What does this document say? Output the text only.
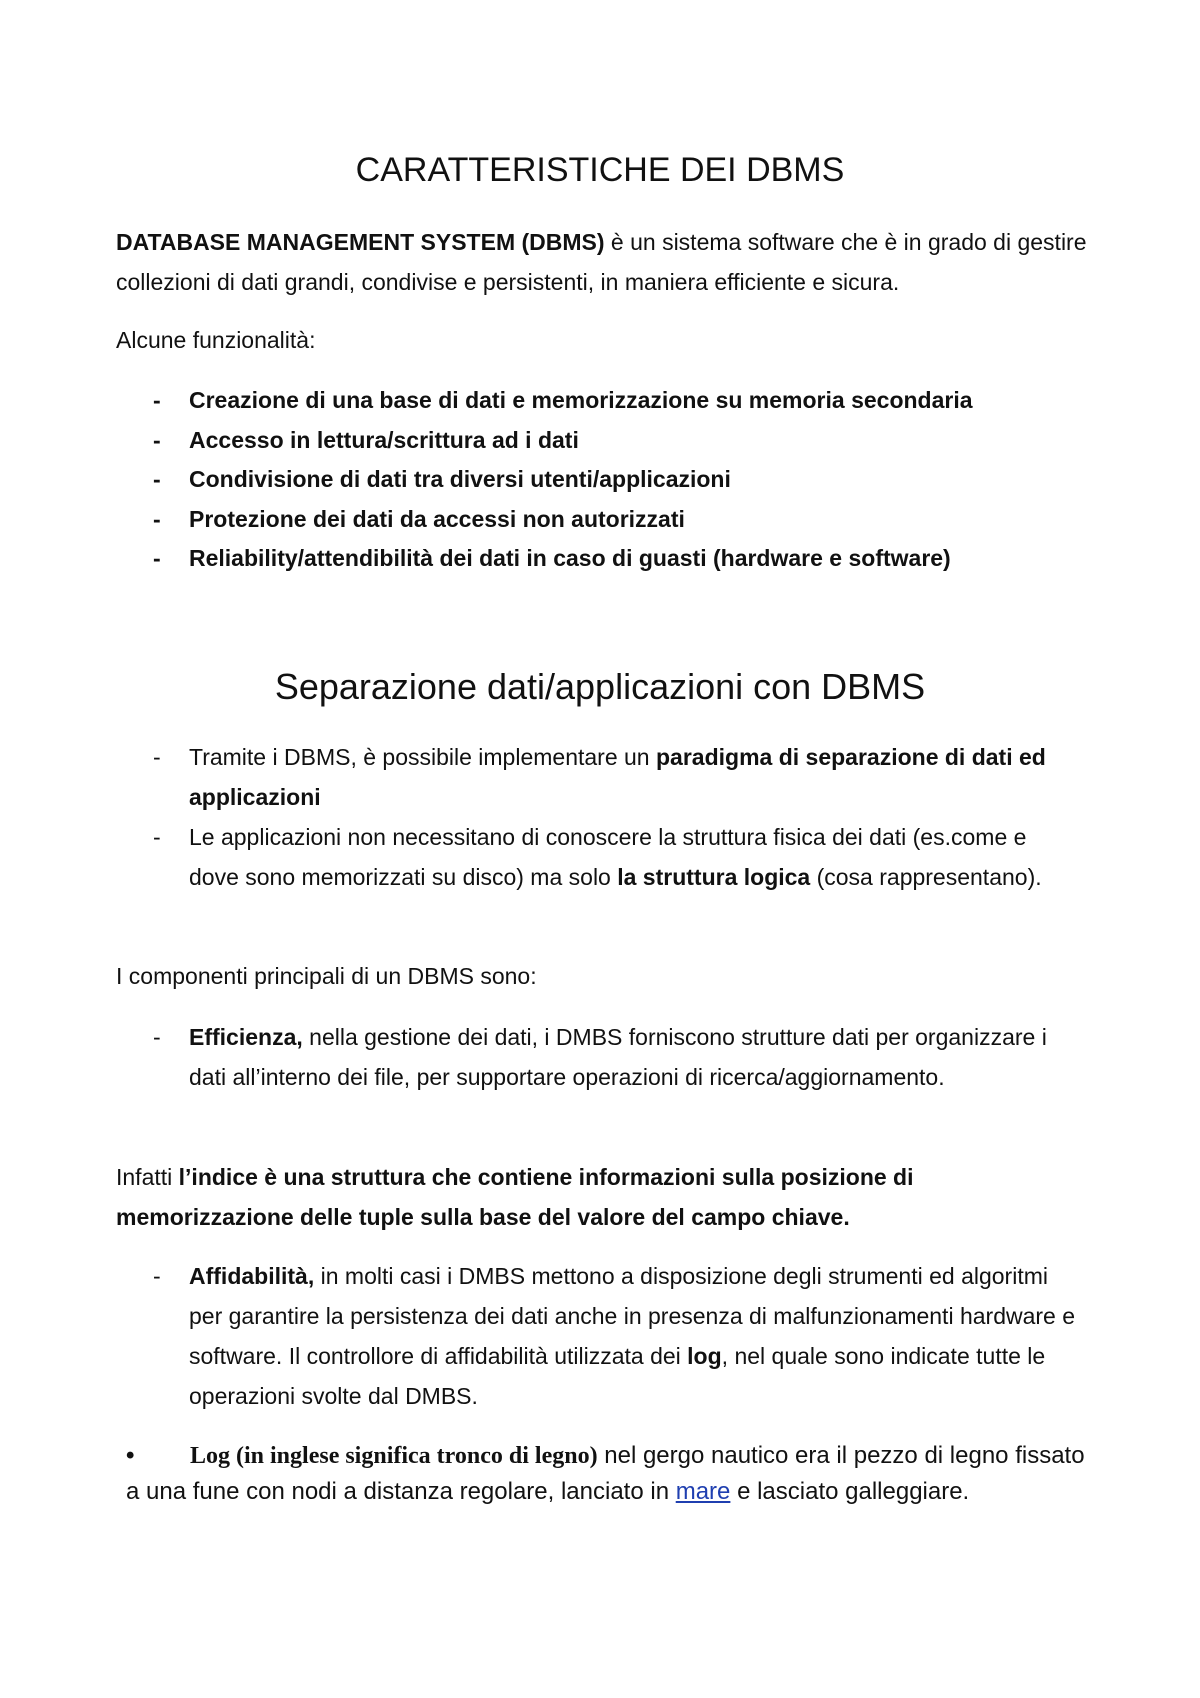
CARATTERISTICHE DEI DBMS

DATABASE MANAGEMENT SYSTEM (DBMS) è un sistema software che è in grado di gestire collezioni di dati grandi, condivise e persistenti, in maniera efficiente e sicura.

Alcune funzionalità:

- Creazione di una base di dati e memorizzazione su memoria secondaria
- Accesso in lettura/scrittura ad i dati
- Condivisione di dati tra diversi utenti/applicazioni
- Protezione dei dati da accessi non autorizzati
- Reliability/attendibilità dei dati in caso di guasti (hardware e software)
Separazione dati/applicazioni con DBMS
- Tramite i DBMS, è possibile implementare un paradigma di separazione di dati ed applicazioni
- Le applicazioni non necessitano di conoscere la struttura fisica dei dati (es.come e dove sono memorizzati su disco) ma solo la struttura logica (cosa rappresentano).

I componenti principali di un DBMS sono:

- Efficienza, nella gestione dei dati, i DMBS forniscono strutture dati per organizzare i dati all’interno dei file, per supportare operazioni di ricerca/aggiornamento.

Infatti l’indice è una struttura che contiene informazioni sulla posizione di memorizzazione delle tuple sulla base del valore del campo chiave.

- Affidabilità, in molti casi i DMBS mettono a disposizione degli strumenti ed algoritmi per garantire la persistenza dei dati anche in presenza di malfunzionamenti hardware e software. Il controllore di affidabilità utilizzata dei log, nel quale sono indicate tutte le operazioni svolte dal DMBS.

• Log (in inglese significa tronco di legno) nel gergo nautico era il pezzo di legno fissato a una fune con nodi a distanza regolare, lanciato in mare e lasciato galleggiare.
